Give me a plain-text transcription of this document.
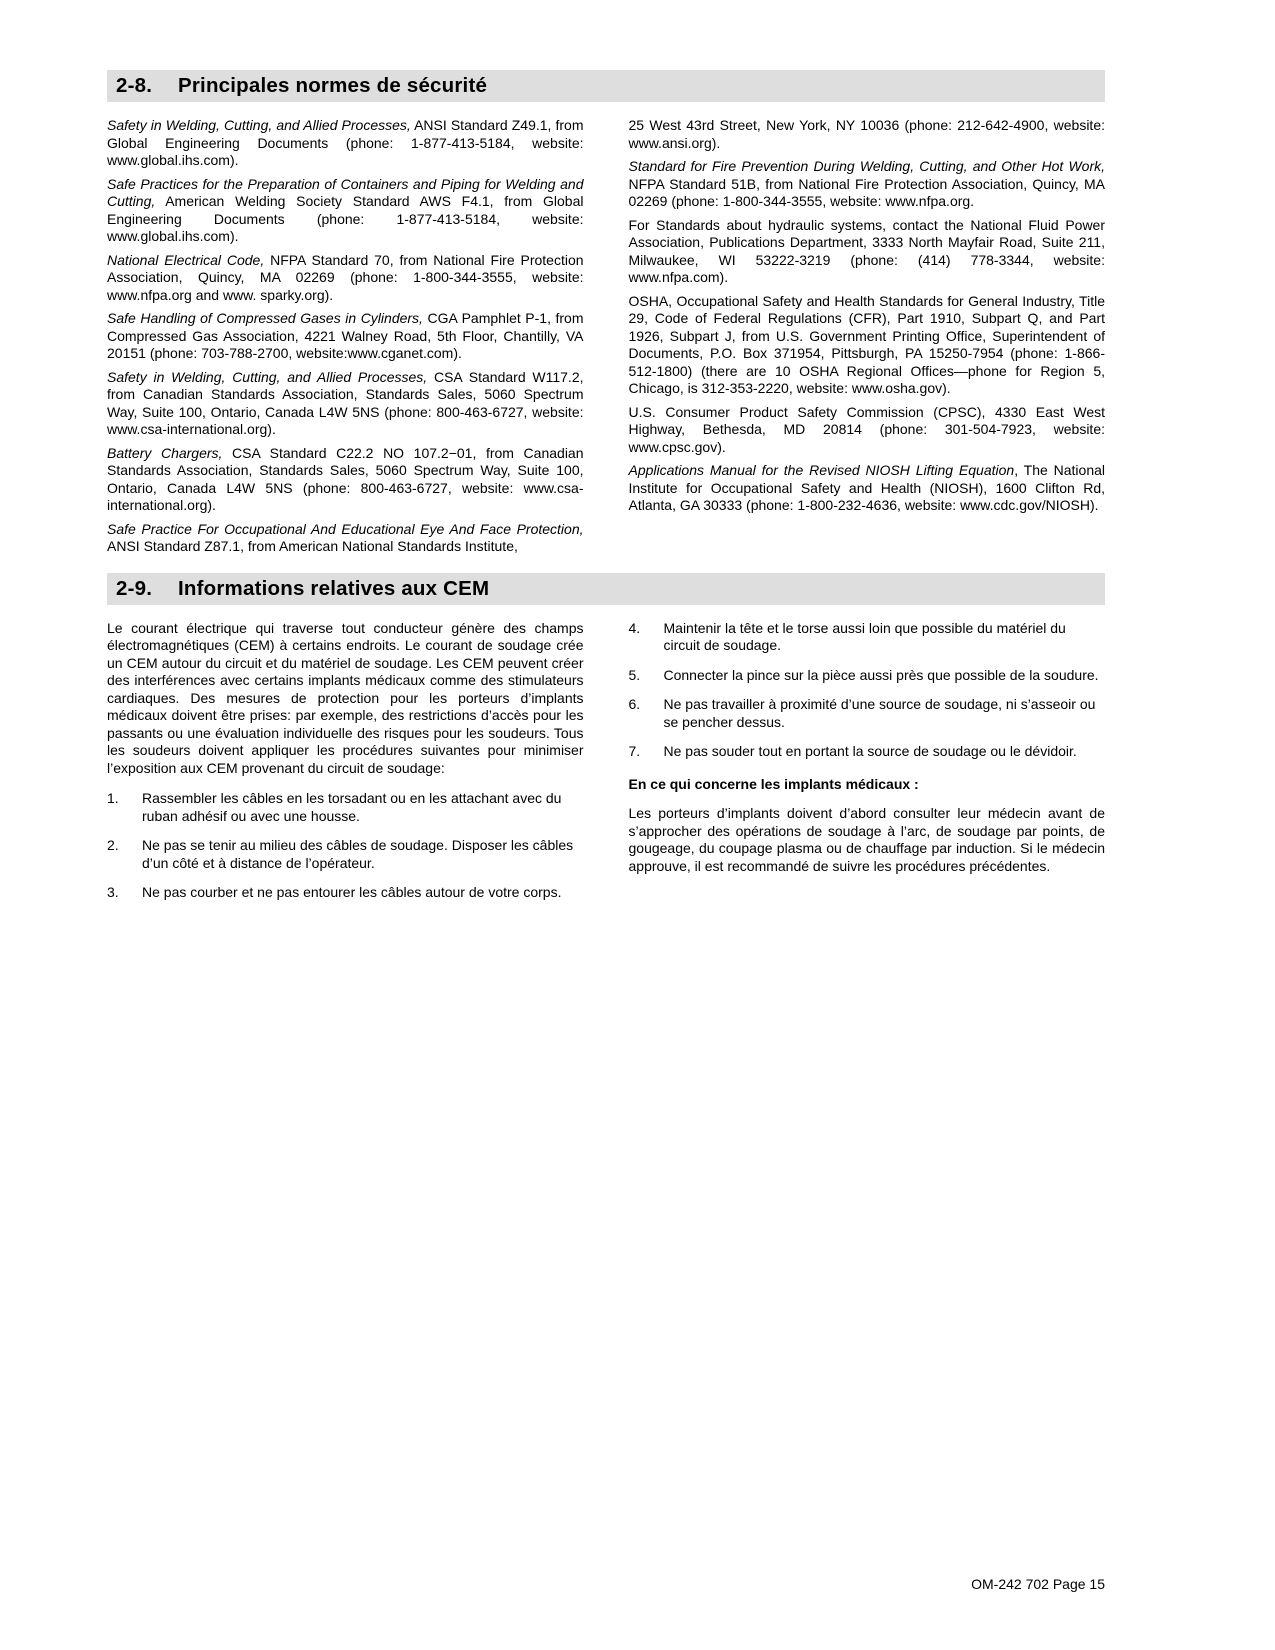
2-8.	Principales normes de sécurité

Safety in Welding, Cutting, and Allied Processes, ANSI Standard Z49.1, from Global Engineering Documents (phone: 1-877-413-5184, website: www.global.ihs.com).

Safe Practices for the Preparation of Containers and Piping for Welding and Cutting, American Welding Society Standard AWS F4.1, from Global Engineering Documents (phone: 1-877-413-5184, website: www.global.ihs.com).

National Electrical Code, NFPA Standard 70, from National Fire Protection Association, Quincy, MA 02269 (phone: 1-800-344-3555, website: www.nfpa.org and www. sparky.org).

Safe Handling of Compressed Gases in Cylinders, CGA Pamphlet P-1, from Compressed Gas Association, 4221 Walney Road, 5th Floor, Chantilly, VA 20151 (phone: 703-788-2700, website:www.cganet.com).

Safety in Welding, Cutting, and Allied Processes, CSA Standard W117.2, from Canadian Standards Association, Standards Sales, 5060 Spectrum Way, Suite 100, Ontario, Canada L4W 5NS (phone: 800-463-6727, website: www.csa-international.org).

Battery Chargers, CSA Standard C22.2 NO 107.2−01, from Canadian Standards Association, Standards Sales, 5060 Spectrum Way, Suite 100, Ontario, Canada L4W 5NS (phone: 800-463-6727, website: www.csa-international.org).

Safe Practice For Occupational And Educational Eye And Face Protection, ANSI Standard Z87.1, from American National Standards Institute,

25 West 43rd Street, New York, NY 10036 (phone: 212-642-4900, website: www.ansi.org).

Standard for Fire Prevention During Welding, Cutting, and Other Hot Work, NFPA Standard 51B, from National Fire Protection Association, Quincy, MA 02269 (phone: 1-800-344-3555, website: www.nfpa.org.

For Standards about hydraulic systems, contact the National Fluid Power Association, Publications Department, 3333 North Mayfair Road, Suite 211, Milwaukee, WI 53222-3219 (phone: (414) 778-3344, website: www.nfpa.com).

OSHA, Occupational Safety and Health Standards for General Industry, Title 29, Code of Federal Regulations (CFR), Part 1910, Subpart Q, and Part 1926, Subpart J, from U.S. Government Printing Office, Superintendent of Documents, P.O. Box 371954, Pittsburgh, PA 15250-7954 (phone: 1-866-512-1800) (there are 10 OSHA Regional Offices—phone for Region 5, Chicago, is 312-353-2220, website: www.osha.gov).

U.S. Consumer Product Safety Commission (CPSC), 4330 East West Highway, Bethesda, MD 20814 (phone: 301-504-7923, website: www.cpsc.gov).

Applications Manual for the Revised NIOSH Lifting Equation, The National Institute for Occupational Safety and Health (NIOSH), 1600 Clifton Rd, Atlanta, GA 30333 (phone: 1-800-232-4636, website: www.cdc.gov/NIOSH).

2-9.	Informations relatives aux CEM

Le courant électrique qui traverse tout conducteur génère des champs électromagnétiques (CEM) à certains endroits. Le courant de soudage crée un CEM autour du circuit et du matériel de soudage. Les CEM peuvent créer des interférences avec certains implants médicaux comme des stimulateurs cardiaques. Des mesures de protection pour les porteurs d’implants médicaux doivent être prises: par exemple, des restrictions d’accès pour les passants ou une évaluation individuelle des risques pour les soudeurs. Tous les soudeurs doivent appliquer les procédures suivantes pour minimiser l’exposition aux CEM provenant du circuit de soudage:

1.	Rassembler les câbles en les torsadant ou en les attachant avec du ruban adhésif ou avec une housse.
2.	Ne pas se tenir au milieu des câbles de soudage. Disposer les câbles d’un côté et à distance de l’opérateur.
3.	Ne pas courber et ne pas entourer les câbles autour de votre corps.
4.	Maintenir la tête et le torse aussi loin que possible du matériel du circuit de soudage.
5.	Connecter la pince sur la pièce aussi près que possible de la soudure.
6.	Ne pas travailler à proximité d’une source de soudage, ni s’asseoir ou se pencher dessus.
7.	Ne pas souder tout en portant la source de soudage ou le dévidoir.

En ce qui concerne les implants médicaux :

Les porteurs d’implants doivent d’abord consulter leur médecin avant de s’approcher des opérations de soudage à l’arc, de soudage par points, de gougeage, du coupage plasma ou de chauffage par induction. Si le médecin approuve, il est recommandé de suivre les procédures précédentes.

OM-242 702 Page 15
